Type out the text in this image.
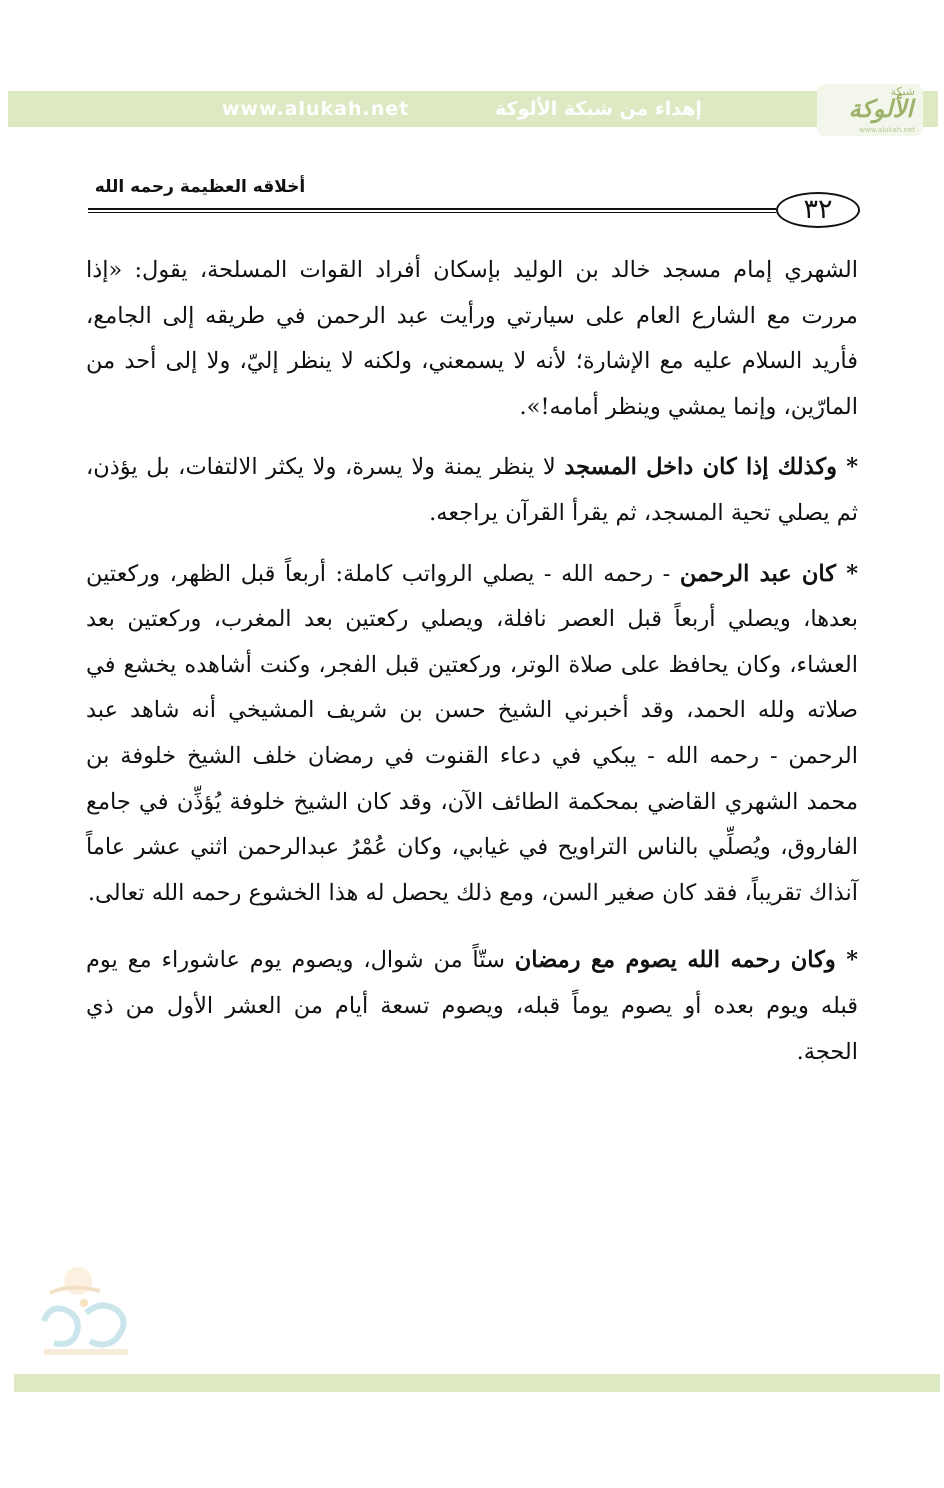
www.alukah.net	إهداء من شبكة الألوكة
شبكة
الألوكة
www.alukah.net
أخلاقه العظيمة رحمه الله
٣٢

الشهري إمام مسجد خالد بن الوليد بإسكان أفراد القوات المسلحة، يقول: «إذا مررت مع الشارع العام على سيارتي ورأيت عبد الرحمن في طريقه إلى الجامع، فأريد السلام عليه مع الإشارة؛ لأنه لا يسمعني، ولكنه لا ينظر إليّ، ولا إلى أحد من المارّين، وإنما يمشي وينظر أمامه!».

* وكذلك إذا كان داخل المسجد لا ينظر يمنة ولا يسرة، ولا يكثر الالتفات، بل يؤذن، ثم يصلي تحية المسجد، ثم يقرأ القرآن يراجعه.

* كان عبد الرحمن - رحمه الله - يصلي الرواتب كاملة: أربعاً قبل الظهر، وركعتين بعدها، ويصلي أربعاً قبل العصر نافلة، ويصلي ركعتين بعد المغرب، وركعتين بعد العشاء، وكان يحافظ على صلاة الوتر، وركعتين قبل الفجر، وكنت أشاهده يخشع في صلاته ولله الحمد، وقد أخبرني الشيخ حسن بن شريف المشيخي أنه شاهد عبد الرحمن - رحمه الله - يبكي في دعاء القنوت في رمضان خلف الشيخ خلوفة بن محمد الشهري القاضي بمحكمة الطائف الآن، وقد كان الشيخ خلوفة يُؤذِّن في جامع الفاروق، ويُصلِّي بالناس التراويح في غيابي، وكان عُمْرُ عبدالرحمن اثني عشر عاماً آنذاك تقريباً، فقد كان صغير السن، ومع ذلك يحصل له هذا الخشوع رحمه الله تعالى.

* وكان رحمه الله يصوم مع رمضان ستّاً من شوال، ويصوم يوم عاشوراء مع يوم قبله ويوم بعده أو يصوم يوماً قبله، ويصوم تسعة أيام من العشر الأول من ذي الحجة.
